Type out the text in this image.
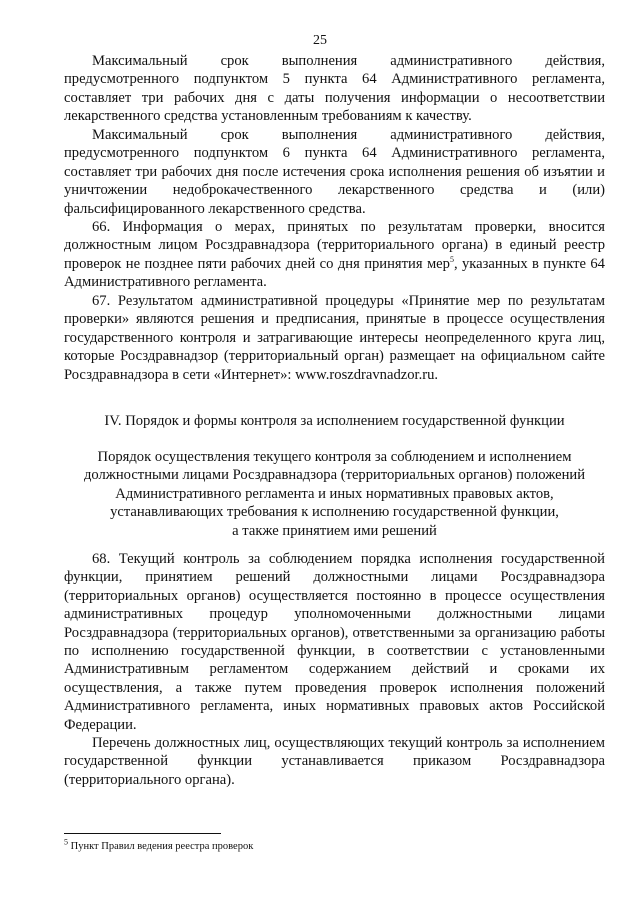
25

Максимальный срок выполнения административного действия, предусмотренного подпунктом 5 пункта 64 Административного регламента, составляет три рабочих дня с даты получения информации о несоответствии лекарственного средства установленным требованиям к качеству.

Максимальный срок выполнения административного действия, предусмотренного подпунктом 6 пункта 64 Административного регламента, составляет три рабочих дня после истечения срока исполнения решения об изъятии и уничтожении недоброкачественного лекарственного средства и (или) фальсифицированного лекарственного средства.

66. Информация о мерах, принятых по результатам проверки, вносится должностным лицом Росздравнадзора (территориального органа) в единый реестр проверок не позднее пяти рабочих дней со дня принятия мер$^5$, указанных в пункте 64 Административного регламента.

67. Результатом административной процедуры «Принятие мер по результатам проверки» являются решения и предписания, принятые в процессе осуществления государственного контроля и затрагивающие интересы неопределенного круга лиц, которые Росздравнадзор (территориальный орган) размещает на официальном сайте Росздравнадзора в сети «Интернет»: www.roszdravnadzor.ru.

IV. Порядок и формы контроля за исполнением государственной функции
Порядок осуществления текущего контроля за соблюдением и исполнением
должностными лицами Росздравнадзора (территориальных органов) положений
Административного регламента и иных нормативных правовых актов,
устанавливающих требования к исполнению государственной функции,
а также принятием ими решений

68. Текущий контроль за соблюдением порядка исполнения государственной функции, принятием решений должностными лицами Росздравнадзора (территориальных органов) осуществляется постоянно в процессе осуществления административных процедур уполномоченными должностными лицами Росздравнадзора (территориальных органов), ответственными за организацию работы по исполнению государственной функции, в соответствии с установленными Административным регламентом содержанием действий и сроками их осуществления, а также путем проведения проверок исполнения положений Административного регламента, иных нормативных правовых актов Российской Федерации.

Перечень должностных лиц, осуществляющих текущий контроль за исполнением государственной функции устанавливается приказом Росздравнадзора (территориального органа).

$^5$ Пункт Правил ведения реестра проверок
